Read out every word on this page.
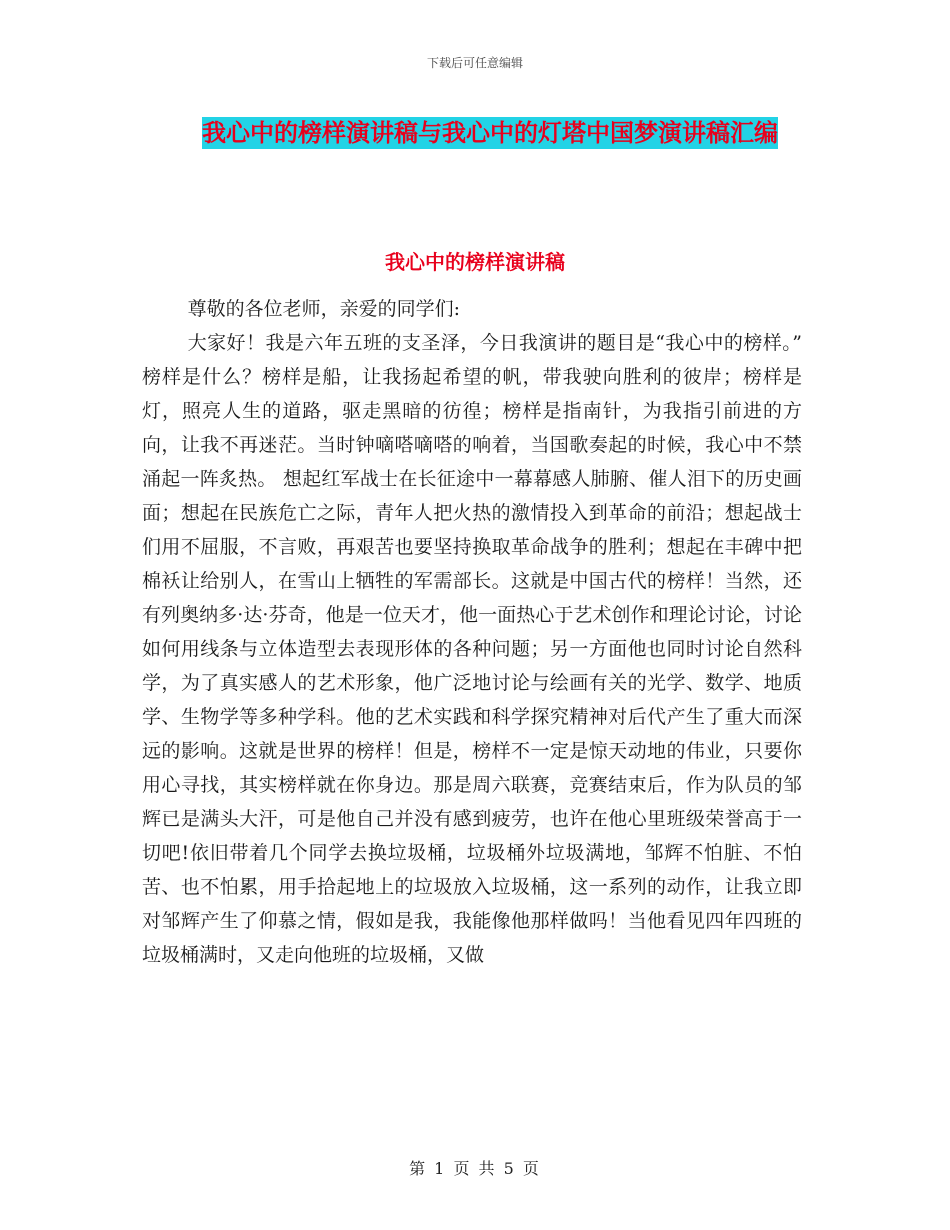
下载后可任意编辑
我心中的榜样演讲稿与我心中的灯塔中国梦演讲稿汇编
我心中的榜样演讲稿

尊敬的各位老师，亲爱的同学们:

大家好！我是六年五班的支圣泽，今日我演讲的题目是“我心中的榜样。”　榜样是什么？榜样是船，让我扬起希望的帆，带我驶向胜利的彼岸；榜样是灯，照亮人生的道路，驱走黑暗的彷徨；榜样是指南针，为我指引前进的方向，让我不再迷茫。当时钟嘀嗒嘀嗒的响着，当国歌奏起的时候，我心中不禁涌起一阵炙热。 想起红军战士在长征途中一幕幕感人肺腑、催人泪下的历史画面；想起在民族危亡之际，青年人把火热的激情投入到革命的前沿；想起战士们用不屈服，不言败，再艰苦也要坚持换取革命战争的胜利；想起在丰碑中把棉袄让给别人，在雪山上牺牲的军需部长。这就是中国古代的榜样！当然，还有列奥纳多·达·芬奇，他是一位天才，他一面热心于艺术创作和理论讨论，讨论如何用线条与立体造型去表现形体的各种问题；另一方面他也同时讨论自然科学，为了真实感人的艺术形象，他广泛地讨论与绘画有关的光学、数学、地质学、生物学等多种学科。他的艺术实践和科学探究精神对后代产生了重大而深远的影响。这就是世界的榜样！但是，榜样不一定是惊天动地的伟业，只要你用心寻找，其实榜样就在你身边。那是周六联赛，竞赛结束后，作为队员的邹辉已是满头大汗，可是他自己并没有感到疲劳，也许在他心里班级荣誉高于一切吧!依旧带着几个同学去换垃圾桶，垃圾桶外垃圾满地，邹辉不怕脏、不怕苦、也不怕累，用手拾起地上的垃圾放入垃圾桶，这一系列的动作，让我立即对邹辉产生了仰慕之情，假如是我，我能像他那样做吗！当他看见四年四班的垃圾桶满时，又走向他班的垃圾桶，又做

第 1 页 共 5 页
